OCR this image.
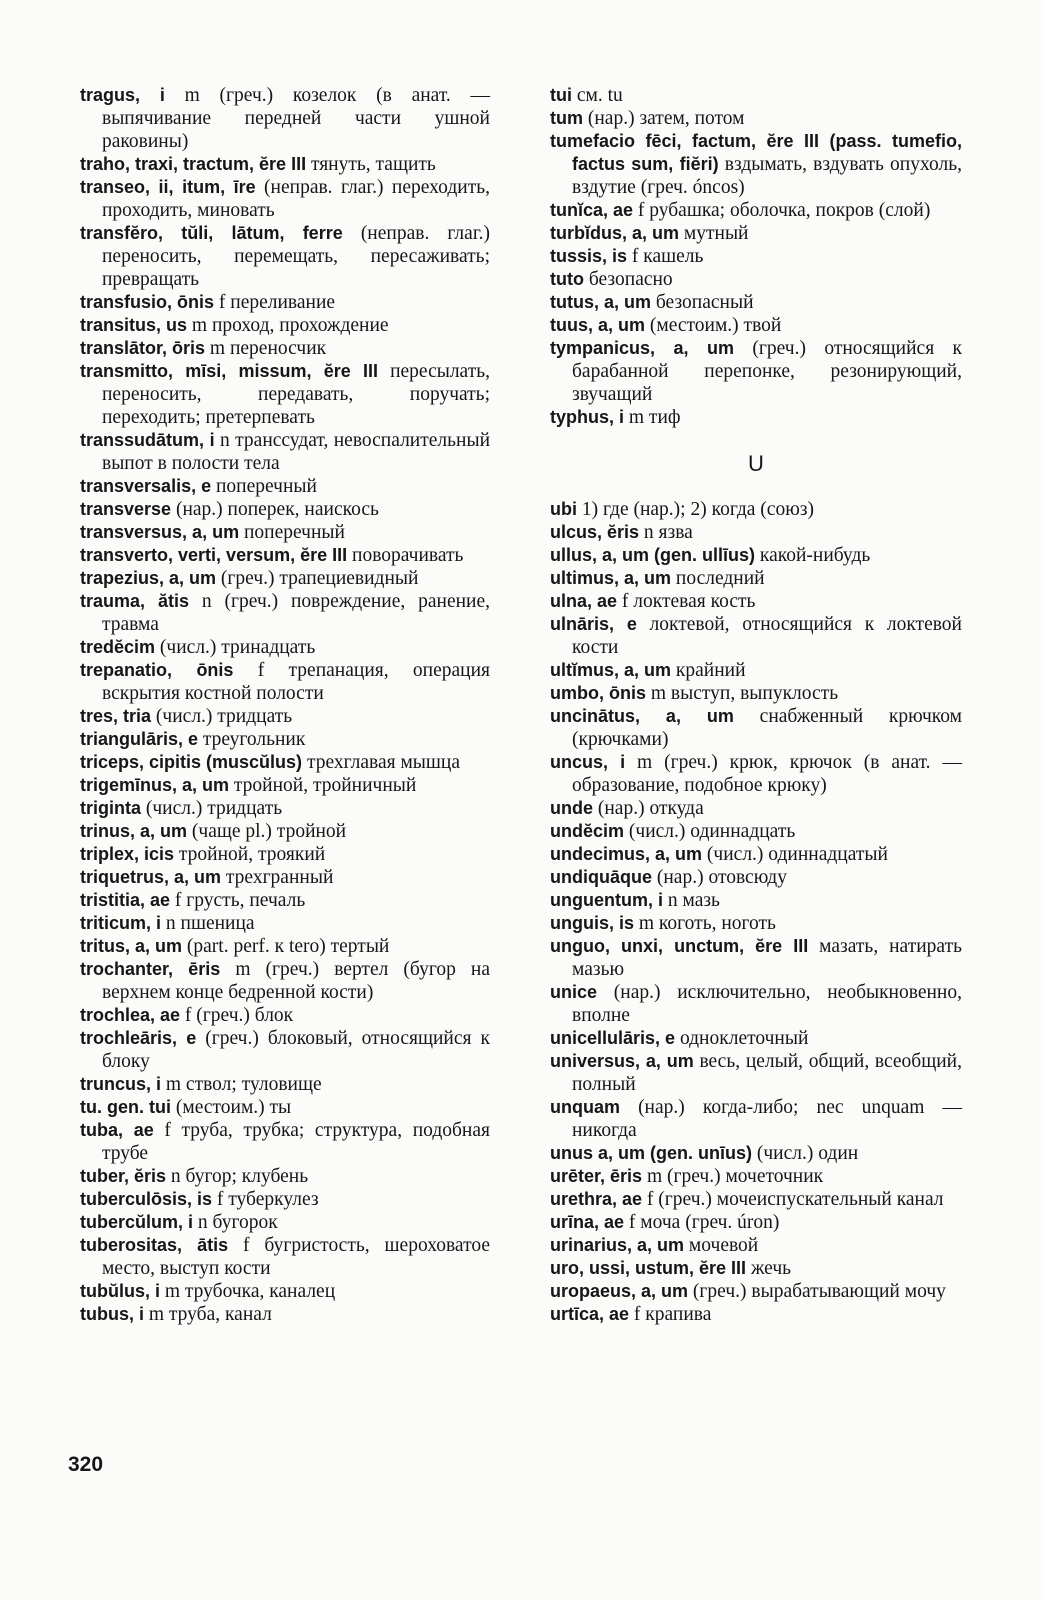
tragus, i m (греч.) козелок (в анат. — выпячивание передней части ушной раковины)
traho, traxi, tractum, ĕre III тянуть, тащить
transeo, ii, itum, īre (неправ. глаг.) переходить, проходить, миновать
transfĕro, tŭli, lātum, ferre (неправ. глаг.) переносить, перемещать, пересаживать; превращать
transfusio, ōnis f переливание
transitus, us m проход, прохождение
translātor, ōris m переносчик
transmitto, mīsi, missum, ĕre III пересылать, переносить, передавать, поручать; переходить; претерпевать
transsudātum, i n транссудат, невоспалительный выпот в полости тела
transversalis, e поперечный
transverse (нар.) поперек, наискось
transversus, a, um поперечный
transverto, verti, versum, ĕre III поворачивать
trapezius, a, um (греч.) трапециевидный
trauma, ătis n (греч.) повреждение, ранение, травма
tredĕcim (числ.) тринадцать
trepanatio, ōnis f трепанация, операция вскрытия костной полости
tres, tria (числ.) тридцать
triangulāris, e треугольник
triceps, cipitis (muscŭlus) трехглавая мышца
trigemīnus, a, um тройной, тройничный
triginta (числ.) тридцать
trinus, a, um (чаще pl.) тройной
triplex, icis тройной, троякий
triquetrus, a, um трехгранный
tristitia, ae f грусть, печаль
triticum, i n пшеница
tritus, a, um (part. perf. к tero) тертый
trochanter, ēris m (греч.) вертел (бугор на верхнем конце бедренной кости)
trochlea, ae f (греч.) блок
trochleāris, e (греч.) блоковый, относящийся к блоку
truncus, i m ствол; туловище
tu. gen. tui (местоим.) ты
tuba, ae f труба, трубка; структура, подобная трубе
tuber, ĕris n бугор; клубень
tuberculōsis, is f туберкулез
tubercŭlum, i n бугорок
tuberositas, ātis f бугристость, шероховатое место, выступ кости
tubŭlus, i m трубочка, каналец
tubus, i m труба, канал
tui см. tu
tum (нар.) затем, потом
tumefacio fēci, factum, ĕre III (pass. tumefio, factus sum, fiĕri) вздымать, вздувать опухоль, вздутие (греч. óncos)
tunĭca, ae f рубашка; оболочка, покров (слой)
turbĭdus, a, um мутный
tussis, is f кашель
tuto безопасно
tutus, a, um безопасный
tuus, a, um (местоим.) твой
tympanicus, a, um (греч.) относящийся к барабанной перепонке, резонирующий, звучащий
typhus, i m тиф
U
ubi 1) где (нар.); 2) когда (союз)
ulcus, ĕris n язва
ullus, a, um (gen. ullīus) какой-нибудь
ultimus, a, um последний
ulna, ae f локтевая кость
ulnāris, e локтевой, относящийся к локтевой кости
ultĭmus, a, um крайний
umbo, ōnis m выступ, выпуклость
uncinātus, a, um снабженный крючком (крючками)
uncus, i m (греч.) крюк, крючок (в анат. — образование, подобное крюку)
unde (нар.) откуда
undĕcim (числ.) одиннадцать
undecimus, a, um (числ.) одиннадцатый
undiquāque (нар.) отовсюду
unguentum, i n мазь
unguis, is m коготь, ноготь
unguo, unxi, unctum, ĕre III мазать, натирать мазью
unice (нар.) исключительно, необыкновенно, вполне
unicellulāris, e одноклеточный
universus, a, um весь, целый, общий, всеобщий, полный
unquam (нар.) когда-либо; nec unquam — никогда
unus a, um (gen. unīus) (числ.) один
urēter, ēris m (греч.) мочеточник
urethra, ae f (греч.) мочеиспускательный канал
urīna, ae f моча (греч. úron)
urinarius, a, um мочевой
uro, ussi, ustum, ĕre III жечь
uropaeus, a, um (греч.) вырабатывающий мочу
urtīca, ae f крапива
320
